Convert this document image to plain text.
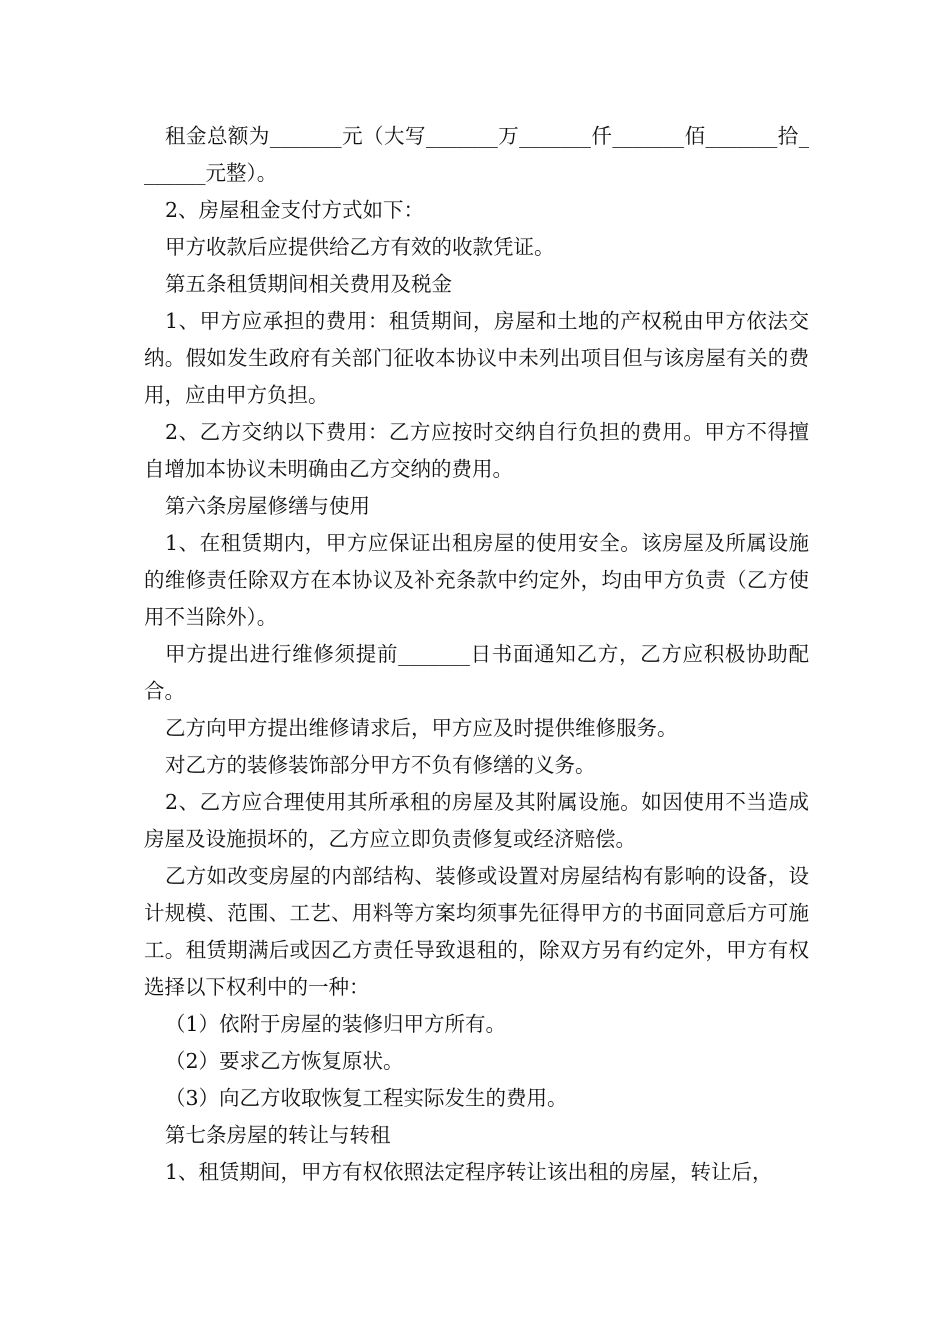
租金总额为_______元（大写_______万_______仟_______佰_______拾_______元整）。

2、房屋租金支付方式如下：

甲方收款后应提供给乙方有效的收款凭证。

第五条租赁期间相关费用及税金

1、甲方应承担的费用：租赁期间，房屋和土地的产权税由甲方依法交纳。假如发生政府有关部门征收本协议中未列出项目但与该房屋有关的费用，应由甲方负担。

2、乙方交纳以下费用：乙方应按时交纳自行负担的费用。甲方不得擅自增加本协议未明确由乙方交纳的费用。

第六条房屋修缮与使用

1、在租赁期内，甲方应保证出租房屋的使用安全。该房屋及所属设施的维修责任除双方在本协议及补充条款中约定外，均由甲方负责（乙方使用不当除外）。

甲方提出进行维修须提前_______日书面通知乙方，乙方应积极协助配合。

乙方向甲方提出维修请求后，甲方应及时提供维修服务。

对乙方的装修装饰部分甲方不负有修缮的义务。

2、乙方应合理使用其所承租的房屋及其附属设施。如因使用不当造成房屋及设施损坏的，乙方应立即负责修复或经济赔偿。

乙方如改变房屋的内部结构、装修或设置对房屋结构有影响的设备，设计规模、范围、工艺、用料等方案均须事先征得甲方的书面同意后方可施工。租赁期满后或因乙方责任导致退租的，除双方另有约定外，甲方有权选择以下权利中的一种：

（1）依附于房屋的装修归甲方所有。

（2）要求乙方恢复原状。

（3）向乙方收取恢复工程实际发生的费用。

第七条房屋的转让与转租

1、租赁期间，甲方有权依照法定程序转让该出租的房屋，转让后，
